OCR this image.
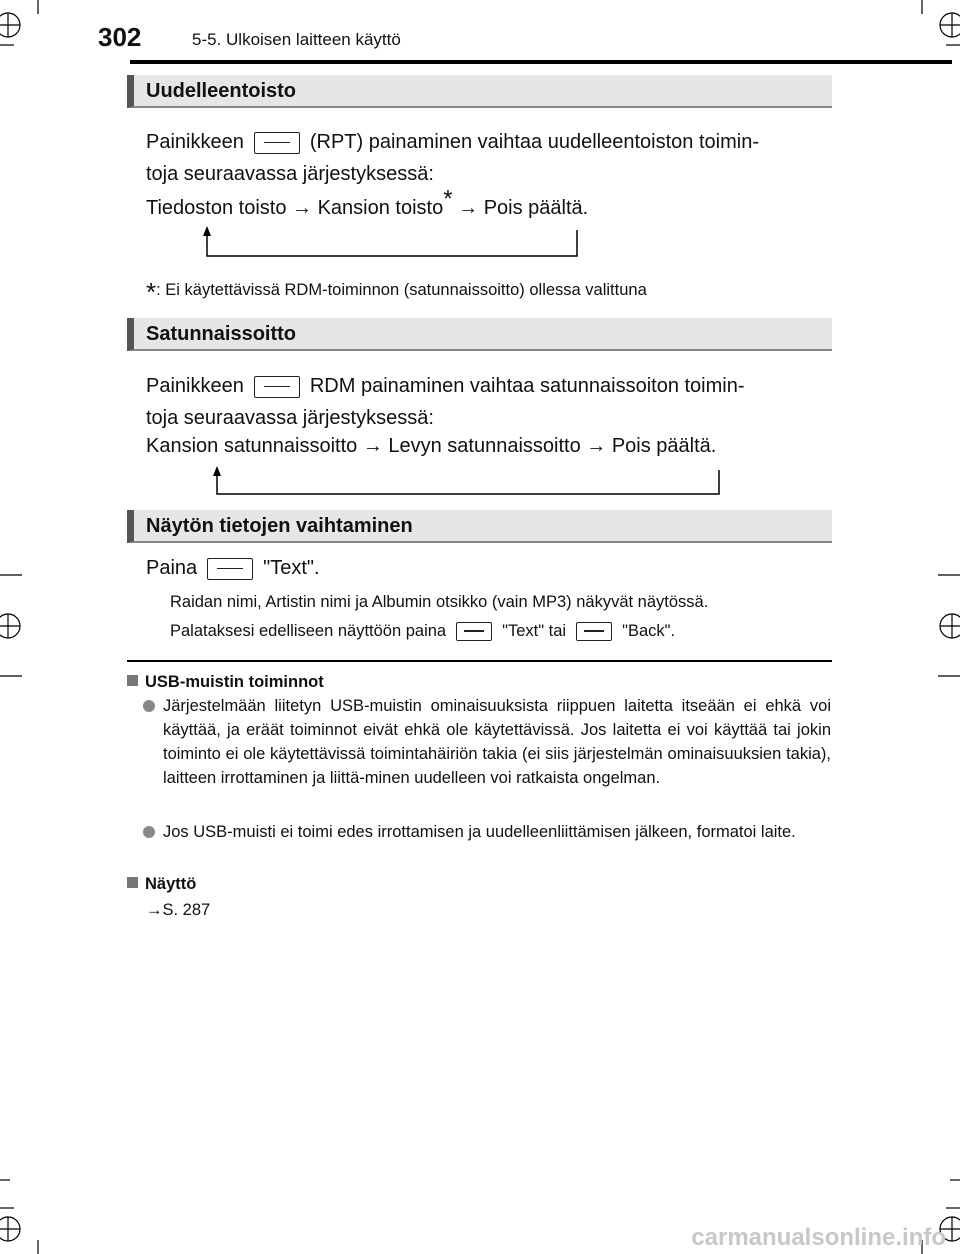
302	5-5. Ulkoisen laitteen käyttö
Uudelleentoisto
Painikkeen	(RPT) painaminen vaihtaa uudelleentoiston toimin-
toja seuraavassa järjestyksessä:
Tiedoston toisto → Kansion toisto* → Pois päältä.
*: Ei käytettävissä RDM-toiminnon (satunnaissoitto) ollessa valittuna
Satunnaissoitto
Painikkeen	RDM painaminen vaihtaa satunnaissoiton toimin-
toja seuraavassa järjestyksessä:
Kansion satunnaissoitto → Levyn satunnaissoitto → Pois päältä.
Näytön tietojen vaihtaminen
Paina	"Text".
Raidan nimi, Artistin nimi ja Albumin otsikko (vain MP3) näkyvät näytössä.
Palataksesi edelliseen näyttöön paina	"Text" tai	"Back".
USB-muistin toiminnot
Järjestelmään liitetyn USB-muistin ominaisuuksista riippuen laitetta itseään ei ehkä voi käyttää, ja eräät toiminnot eivät ehkä ole käytettävissä. Jos laitetta ei voi käyttää tai jokin toiminto ei ole käytettävissä toimintahäiriön takia (ei siis järjestelmän ominaisuuksien takia), laitteen irrottaminen ja liittä-minen uudelleen voi ratkaista ongelman.
Jos USB-muisti ei toimi edes irrottamisen ja uudelleenliittämisen jälkeen, formatoi laite.
Näyttö
→S. 287
carmanualsonline.info
